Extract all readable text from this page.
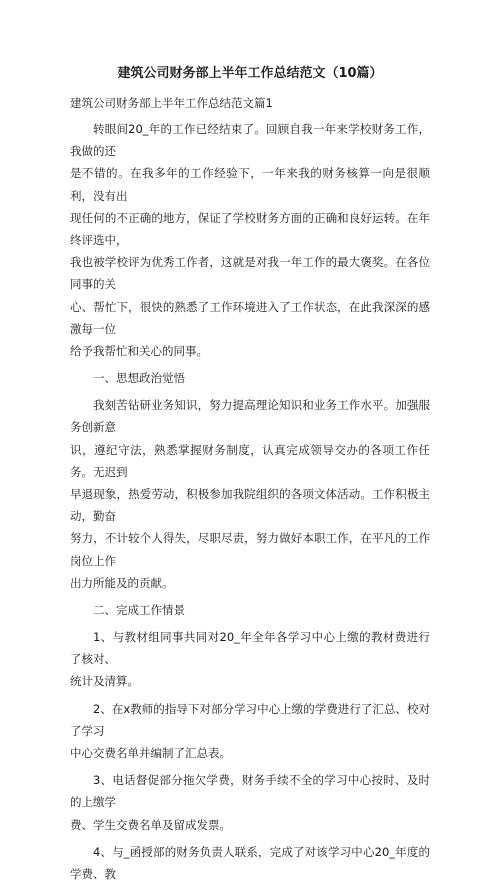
建筑公司财务部上半年工作总结范文（10篇）
建筑公司财务部上半年工作总结范文篇1
转眼间20_年的工作已经结束了。回顾自我一年来学校财务工作，我做的还
是不错的。在我多年的工作经验下，一年来我的财务核算一向是很顺利，没有出
现任何的不正确的地方，保证了学校财务方面的正确和良好运转。在年终评选中，
我也被学校评为优秀工作者，这就是对我一年工作的最大褒奖。在各位同事的关
心、帮忙下，很快的熟悉了工作环境进入了工作状态，在此我深深的感激每一位
给予我帮忙和关心的同事。
一、思想政治觉悟
我刻苦钻研业务知识，努力提高理论知识和业务工作水平。加强服务创新意
识，遵纪守法，熟悉掌握财务制度，认真完成领导交办的各项工作任务。无迟到
早退现象，热爱劳动，积极参加我院组织的各项文体活动。工作积极主动，勤奋
努力，不计较个人得失，尽职尽责，努力做好本职工作，在平凡的工作岗位上作
出力所能及的贡献。
二、完成工作情景
1、与教材组同事共同对20_年全年各学习中心上缴的教材费进行了核对、
统计及清算。
2、在x教师的指导下对部分学习中心上缴的学费进行了汇总、校对了学习
中心交费名单并编制了汇总表。
3、电话督促部分拖欠学费，财务手续不全的学习中心按时、及时的上缴学
费、学生交费名单及留成发票。
4、与_函授部的财务负责人联系，完成了对该学习中心20_年度的学费、教
